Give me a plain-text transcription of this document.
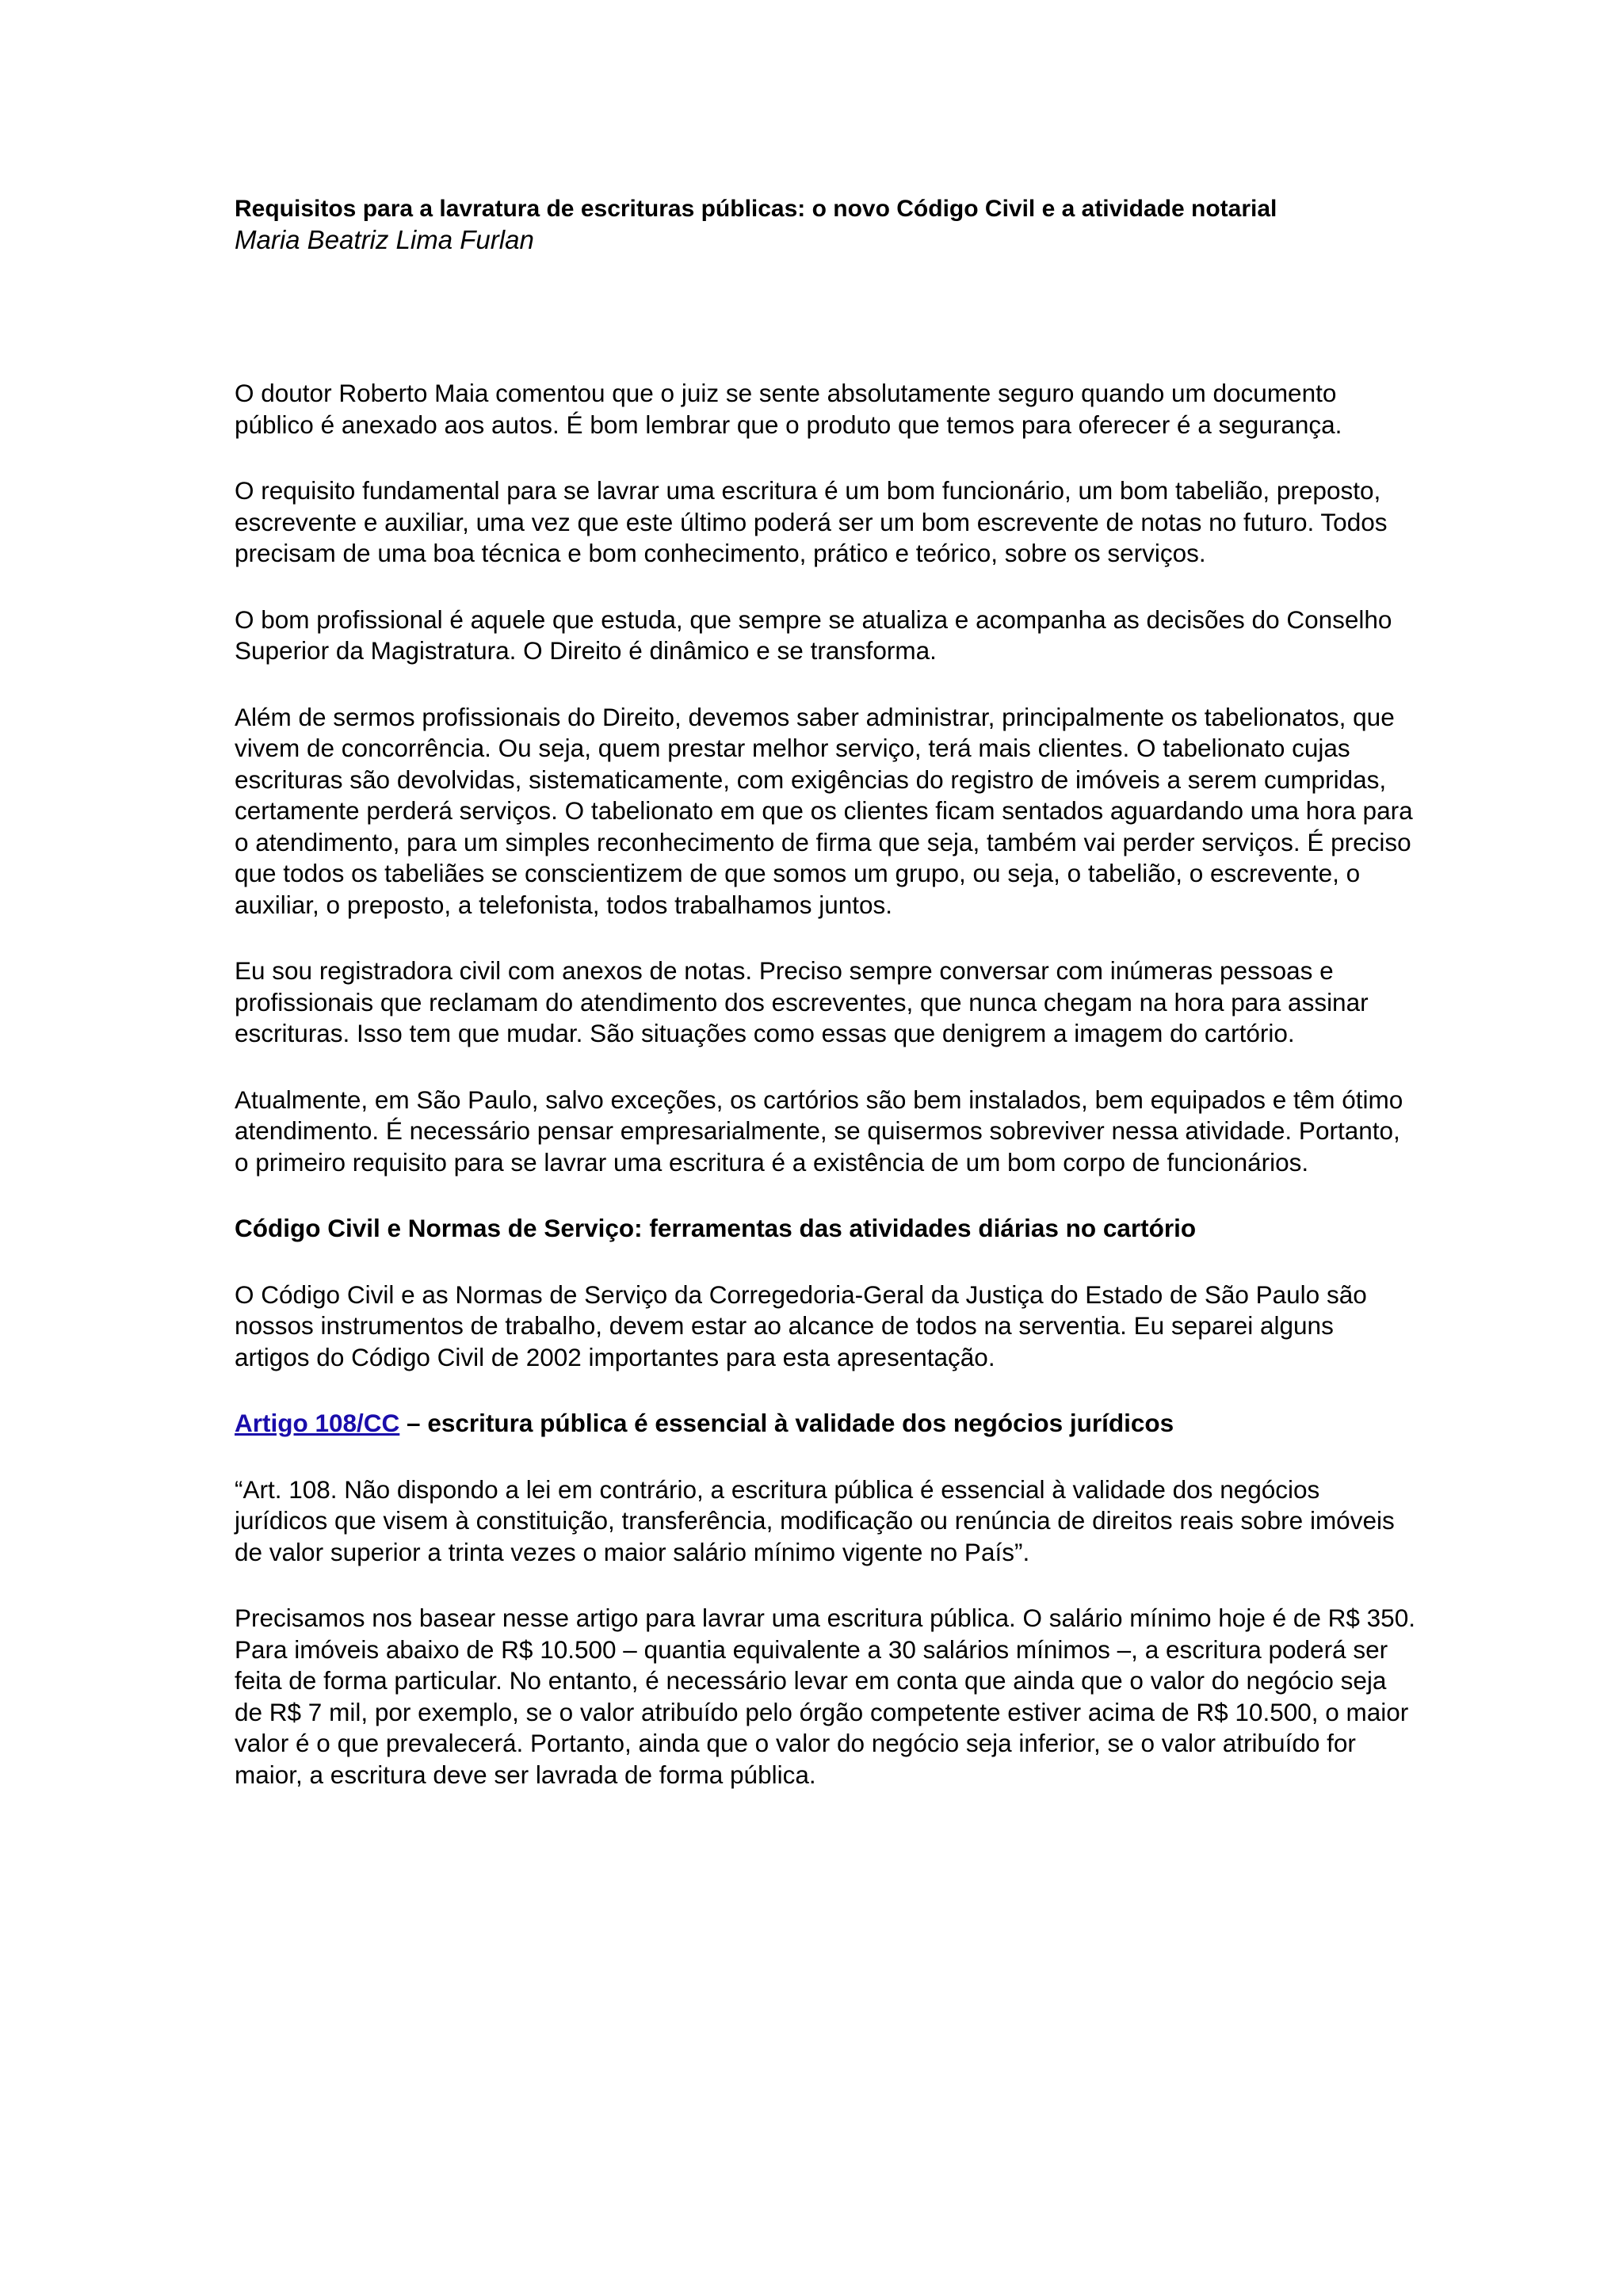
Requisitos para a lavratura de escrituras públicas: o novo Código Civil e a atividade notarial

Maria Beatriz Lima Furlan

O doutor Roberto Maia comentou que o juiz se sente absolutamente seguro quando um documento público é anexado aos autos. É bom lembrar que o produto que temos para oferecer é a segurança.

O requisito fundamental para se lavrar uma escritura é um bom funcionário, um bom tabelião, preposto, escrevente e auxiliar, uma vez que este último poderá ser um bom escrevente de notas no futuro. Todos precisam de uma boa técnica e bom conhecimento, prático e teórico, sobre os serviços.

O bom profissional é aquele que estuda, que sempre se atualiza e acompanha as decisões do Conselho Superior da Magistratura. O Direito é dinâmico e se transforma.

Além de sermos profissionais do Direito, devemos saber administrar, principalmente os tabelionatos, que vivem de concorrência. Ou seja, quem prestar melhor serviço, terá mais clientes. O tabelionato cujas escrituras são devolvidas, sistematicamente, com exigências do registro de imóveis a serem cumpridas, certamente perderá serviços. O tabelionato em que os clientes ficam sentados aguardando uma hora para o atendimento, para um simples reconhecimento de firma que seja, também vai perder serviços. É preciso que todos os tabeliães se conscientizem de que somos um grupo, ou seja, o tabelião, o escrevente, o auxiliar, o preposto, a telefonista, todos trabalhamos juntos.

Eu sou registradora civil com anexos de notas. Preciso sempre conversar com inúmeras pessoas e profissionais que reclamam do atendimento dos escreventes, que nunca chegam na hora para assinar escrituras. Isso tem que mudar. São situações como essas que denigrem a imagem do cartório.

Atualmente, em São Paulo, salvo exceções, os cartórios são bem instalados, bem equipados e têm ótimo atendimento. É necessário pensar empresarialmente, se quisermos sobreviver nessa atividade. Portanto, o primeiro requisito para se lavrar uma escritura é a existência de um bom corpo de funcionários.

Código Civil e Normas de Serviço: ferramentas das atividades diárias no cartório

O Código Civil e as Normas de Serviço da Corregedoria-Geral da Justiça do Estado de São Paulo são nossos instrumentos de trabalho, devem estar ao alcance de todos na serventia. Eu separei alguns artigos do Código Civil de 2002 importantes para esta apresentação.

Artigo 108/CC – escritura pública é essencial à validade dos negócios jurídicos

“Art. 108. Não dispondo a lei em contrário, a escritura pública é essencial à validade dos negócios jurídicos que visem à constituição, transferência, modificação ou renúncia de direitos reais sobre imóveis de valor superior a trinta vezes o maior salário mínimo vigente no País”.

Precisamos nos basear nesse artigo para lavrar uma escritura pública. O salário mínimo hoje é de R$ 350. Para imóveis abaixo de R$ 10.500 – quantia equivalente a 30 salários mínimos –, a escritura poderá ser feita de forma particular. No entanto, é necessário levar em conta que ainda que o valor do negócio seja de R$ 7 mil, por exemplo, se o valor atribuído pelo órgão competente estiver acima de R$ 10.500, o maior valor é o que prevalecerá. Portanto, ainda que o valor do negócio seja inferior, se o valor atribuído for maior, a escritura deve ser lavrada de forma pública.
